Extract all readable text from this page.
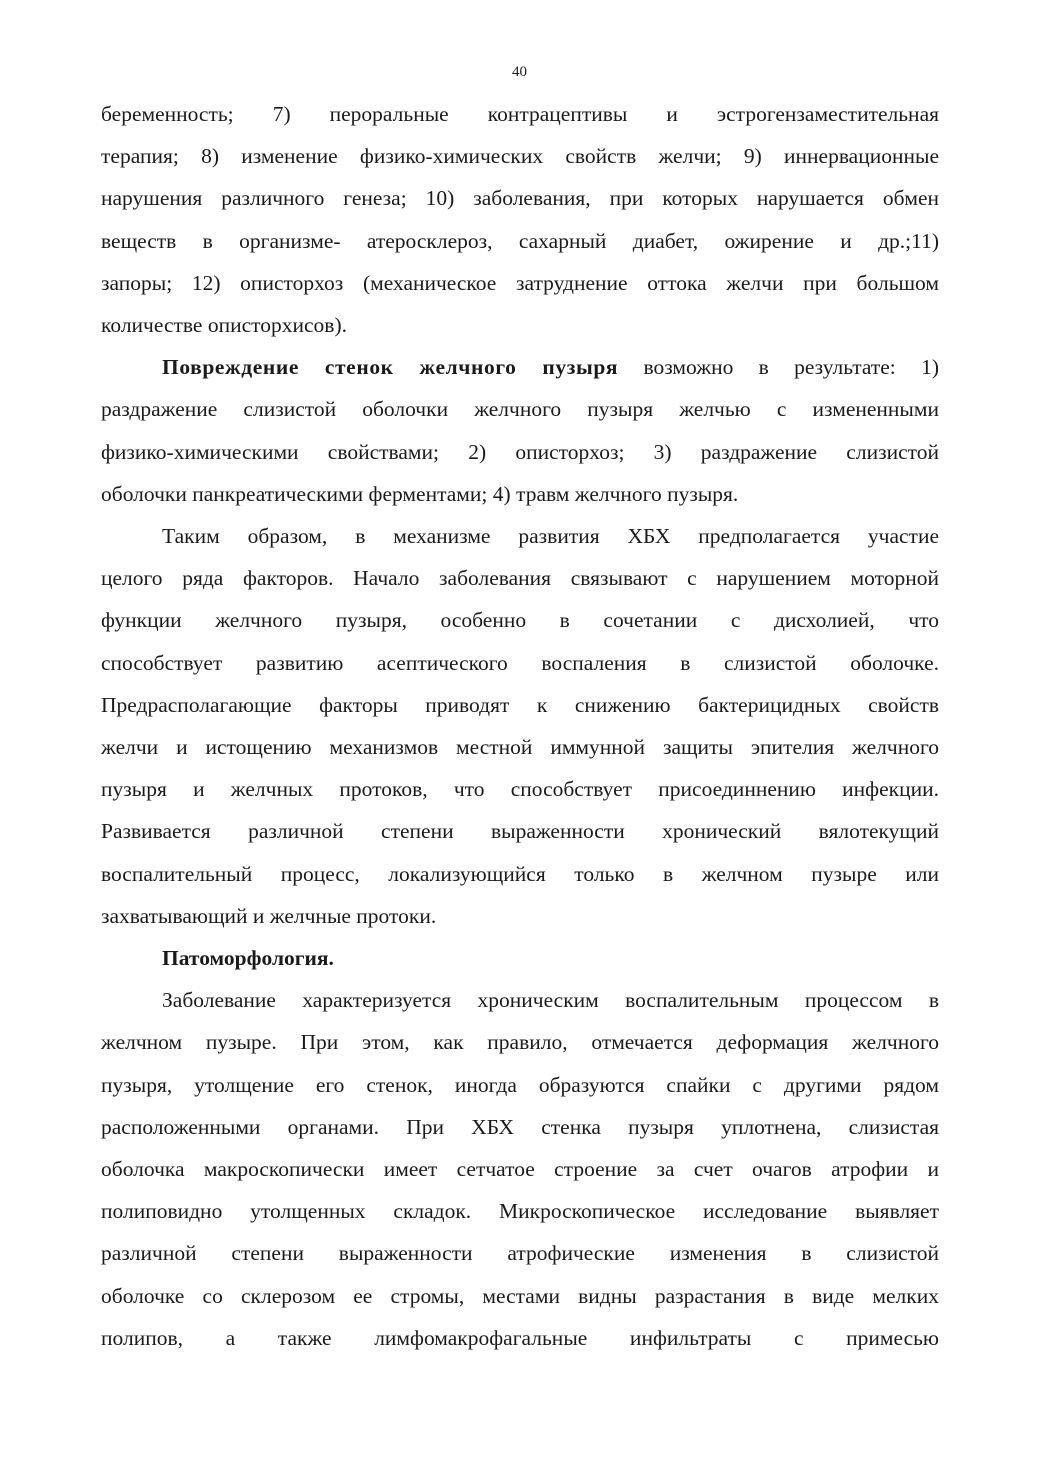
40
беременность; 7) пероральные контрацептивы и эстрогензаместительная
терапия; 8) изменение физико-химических свойств желчи; 9) иннервационные
нарушения различного генеза; 10) заболевания, при которых нарушается обмен
веществ в организме- атеросклероз, сахарный диабет, ожирение и др.;11)
запоры; 12) описторхоз (механическое затруднение оттока желчи при большом
количестве описторхисов).
Повреждение стенок желчного пузыря возможно в результате: 1)
раздражение слизистой оболочки желчного пузыря желчью с измененными
физико-химическими свойствами; 2) описторхоз; 3) раздражение слизистой
оболочки панкреатическими ферментами; 4) травм желчного пузыря.
Таким образом, в механизме развития ХБХ предполагается участие
целого ряда факторов. Начало заболевания связывают с нарушением моторной
функции желчного пузыря, особенно в сочетании с дисхолией, что
способствует развитию асептического воспаления в слизистой оболочке.
Предрасполагающие факторы приводят к снижению бактерицидных свойств
желчи и истощению механизмов местной иммунной защиты эпителия желчного
пузыря и желчных протоков, что способствует присоединнению инфекции.
Развивается различной степени выраженности хронический вялотекущий
воспалительный процесс, локализующийся только в желчном пузыре или
захватывающий и желчные протоки.
Патоморфология.
Заболевание характеризуется хроническим воспалительным процессом в
желчном пузыре. При этом, как правило, отмечается деформация желчного
пузыря, утолщение его стенок, иногда образуются спайки с другими рядом
расположенными органами. При ХБХ стенка пузыря уплотнена, слизистая
оболочка макроскопически имеет сетчатое строение за счет очагов атрофии и
полиповидно утолщенных складок. Микроскопическое исследование выявляет
различной степени выраженности атрофические изменения в слизистой
оболочке со склерозом ее стромы, местами видны разрастания в виде мелких
полипов, а также лимфомакрофагальные инфильтраты с примесью
